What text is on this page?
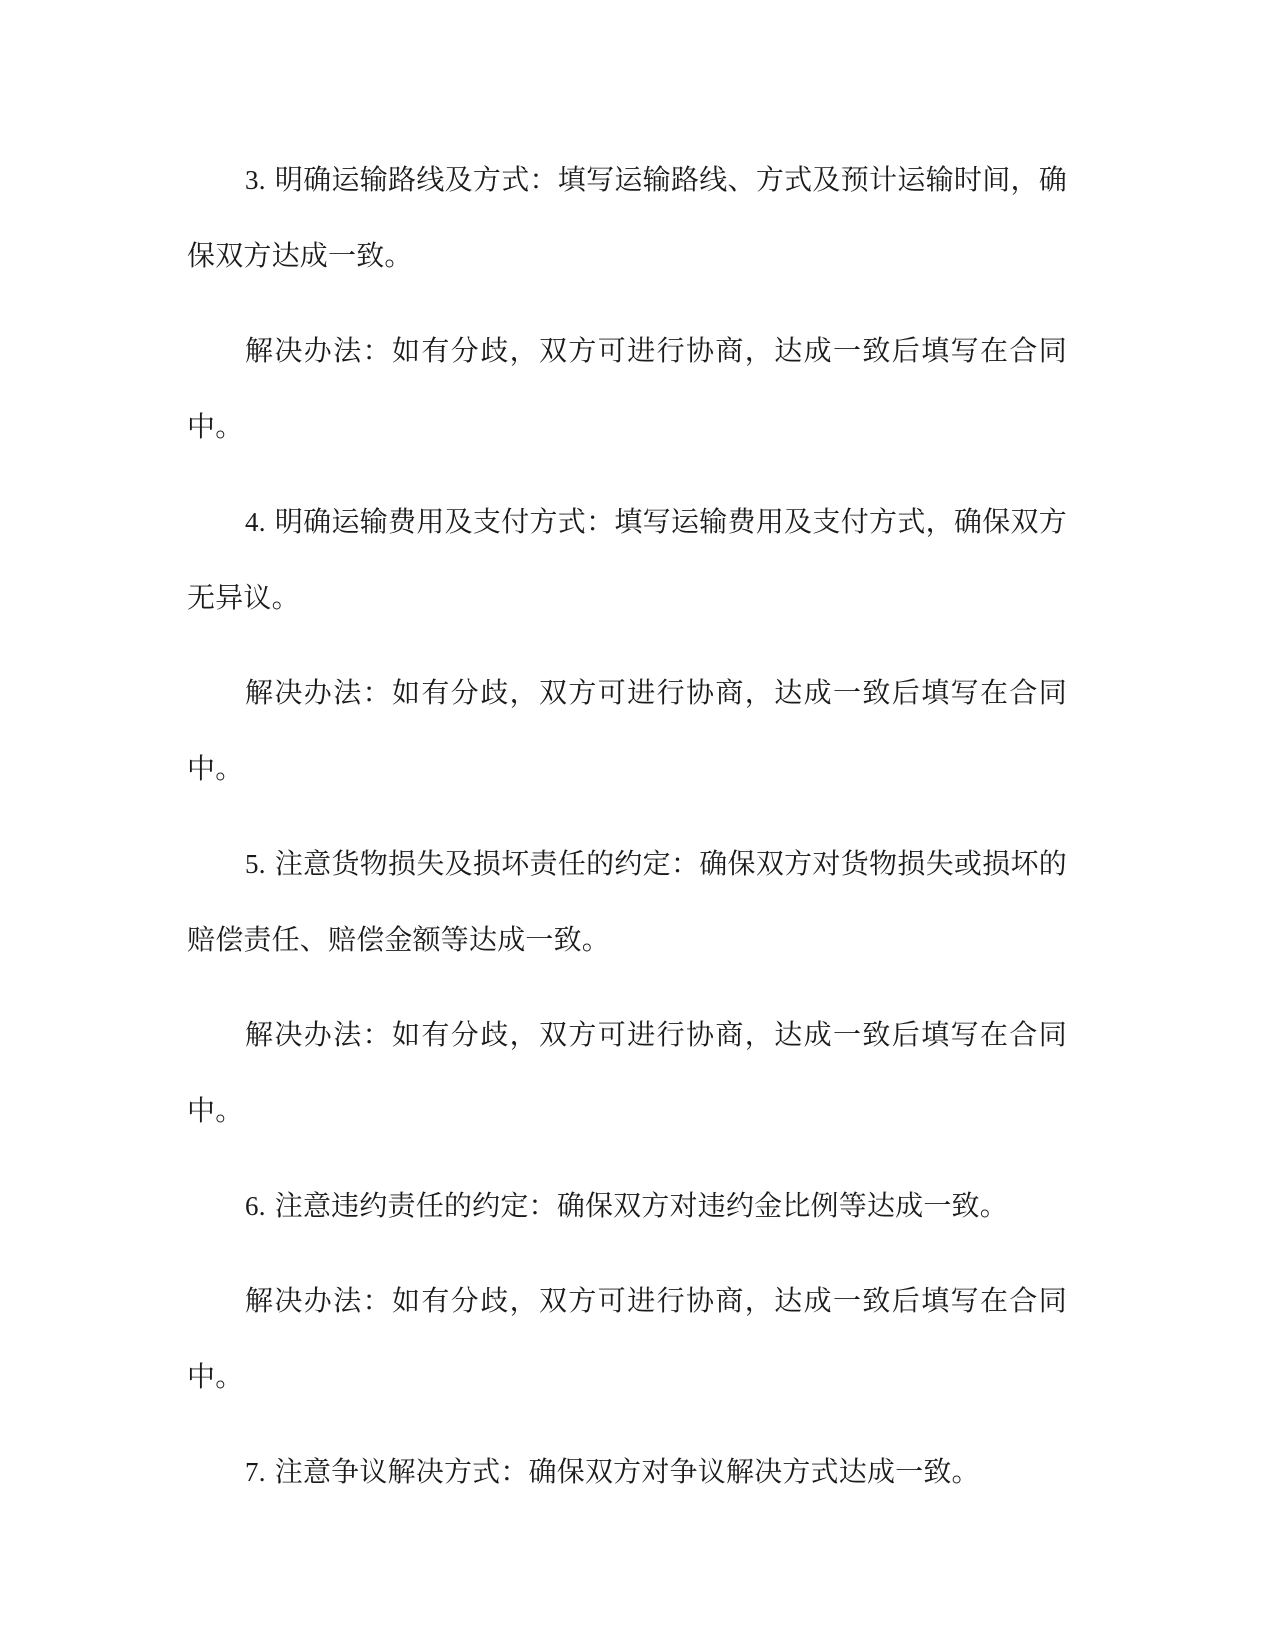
3. 明确运输路线及方式：填写运输路线、方式及预计运输时间，确保双方达成一致。

解决办法：如有分歧，双方可进行协商，达成一致后填写在合同中。

4. 明确运输费用及支付方式：填写运输费用及支付方式，确保双方无异议。

解决办法：如有分歧，双方可进行协商，达成一致后填写在合同中。

5. 注意货物损失及损坏责任的约定：确保双方对货物损失或损坏的赔偿责任、赔偿金额等达成一致。

解决办法：如有分歧，双方可进行协商，达成一致后填写在合同中。

6. 注意违约责任的约定：确保双方对违约金比例等达成一致。

解决办法：如有分歧，双方可进行协商，达成一致后填写在合同中。

7. 注意争议解决方式：确保双方对争议解决方式达成一致。
